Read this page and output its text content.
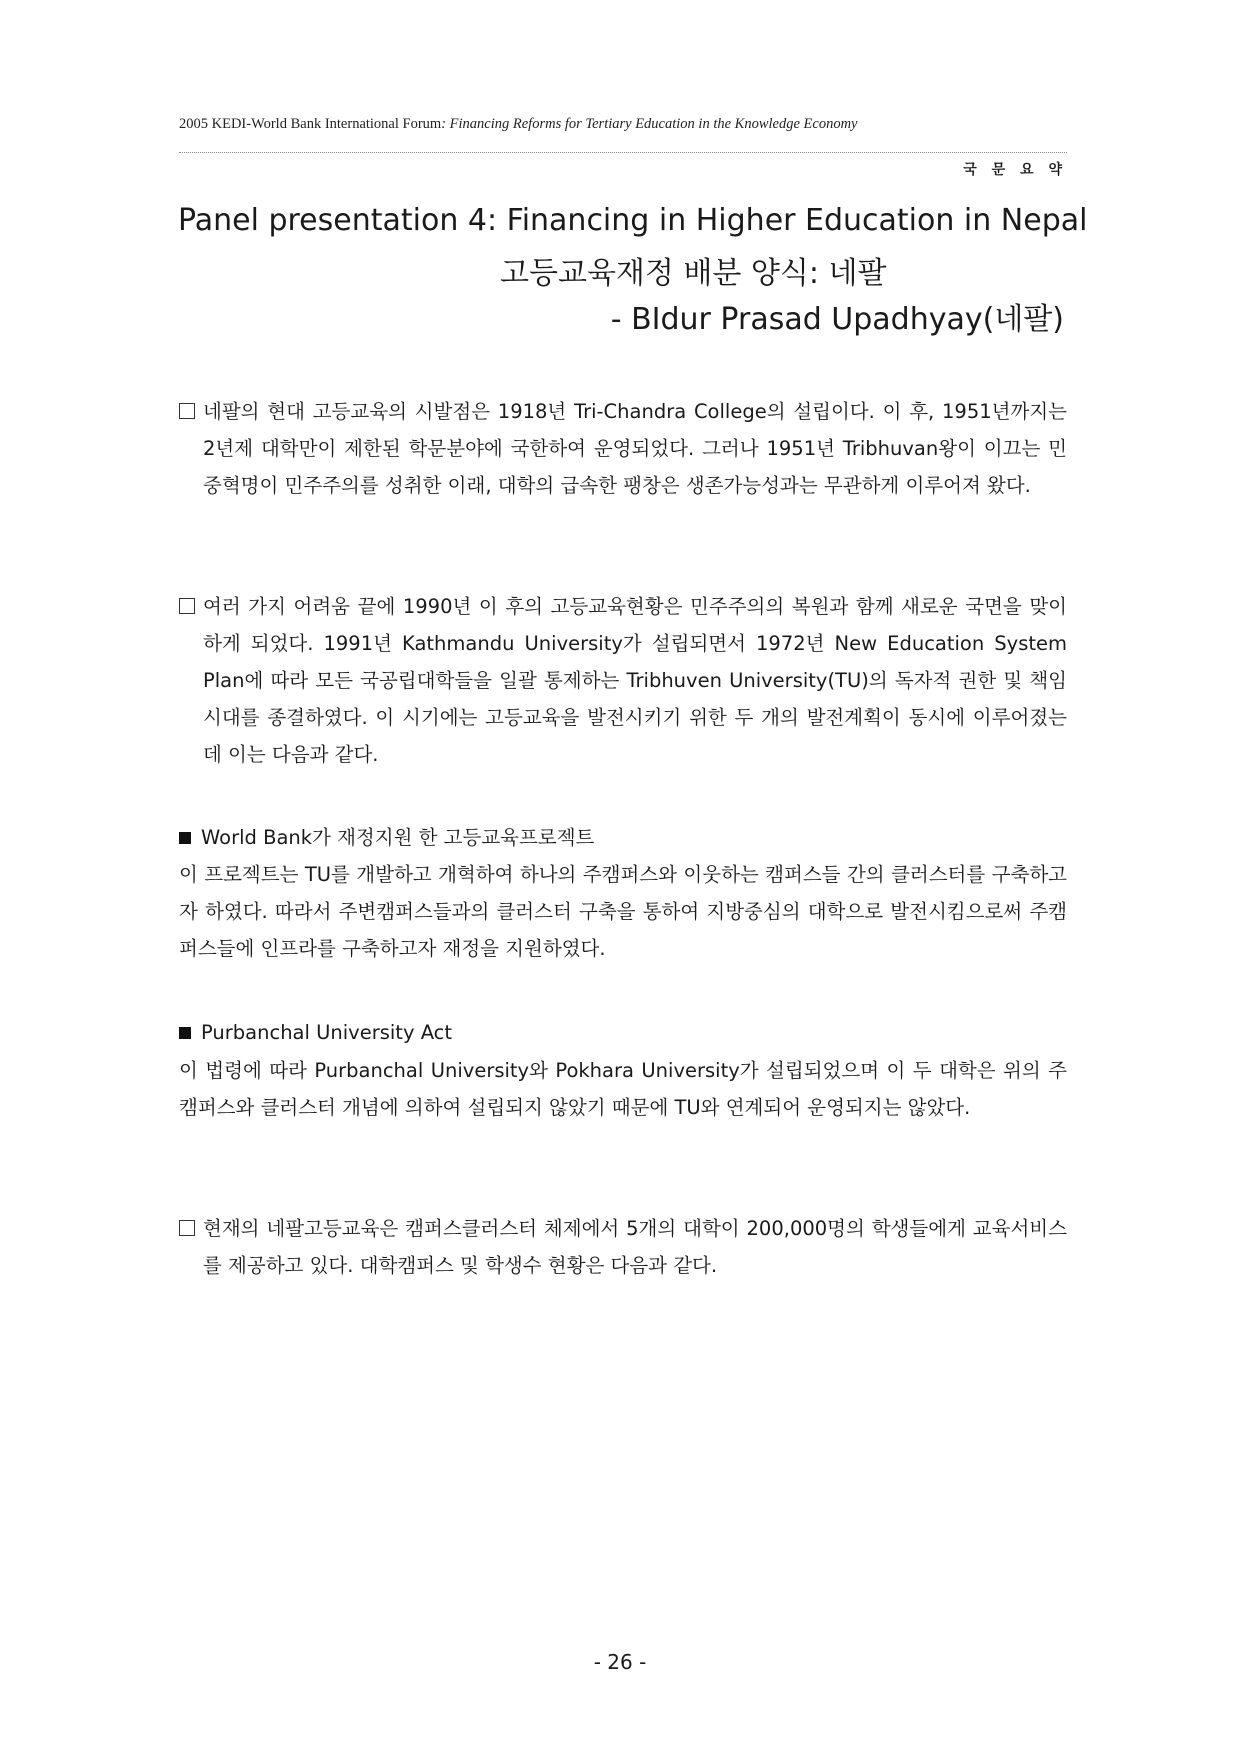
2005 KEDI-World Bank International Forum: Financing Reforms for Tertiary Education in the Knowledge Economy
국 문 요 약
Panel presentation 4: Financing in Higher Education in Nepal
고등교육재정 배분 양식: 네팔
- BIdur Prasad Upadhyay(네팔)
네팔의 현대 고등교육의 시발점은 1918년 Tri-Chandra College의 설립이다. 이 후, 1951년까지는 2년제 대학만이 제한된 학문분야에 국한하여 운영되었다. 그러나 1951년 Tribhuvan왕이 이끄는 민중혁명이 민주주의를 성취한 이래, 대학의 급속한 팽창은 생존가능성과는 무관하게 이루어져 왔다.
여러 가지 어려움 끝에 1990년 이 후의 고등교육현황은 민주주의의 복원과 함께 새로운 국면을 맞이하게 되었다. 1991년 Kathmandu University가 설립되면서 1972년 New Education System Plan에 따라 모든 국공립대학들을 일괄 통제하는 Tribhuven University(TU)의 독자적 권한 및 책임 시대를 종결하였다. 이 시기에는 고등교육을 발전시키기 위한 두 개의 발전계획이 동시에 이루어졌는데 이는 다음과 같다.
World Bank가 재정지원 한 고등교육프로젝트
이 프로젝트는 TU를 개발하고 개혁하여 하나의 주캠퍼스와 이웃하는 캠퍼스들 간의 클러스터를 구축하고자 하였다. 따라서 주변캠퍼스들과의 클러스터 구축을 통하여 지방중심의 대학으로 발전시킴으로써 주캠퍼스들에 인프라를 구축하고자 재정을 지원하였다.
Purbanchal University Act
이 법령에 따라 Purbanchal University와 Pokhara University가 설립되었으며 이 두 대학은 위의 주캠퍼스와 클러스터 개념에 의하여 설립되지 않았기 때문에 TU와 연계되어 운영되지는 않았다.
현재의 네팔고등교육은 캠퍼스클러스터 체제에서 5개의 대학이 200,000명의 학생들에게 교육서비스를 제공하고 있다. 대학캠퍼스 및 학생수 현황은 다음과 같다.
- 26 -
